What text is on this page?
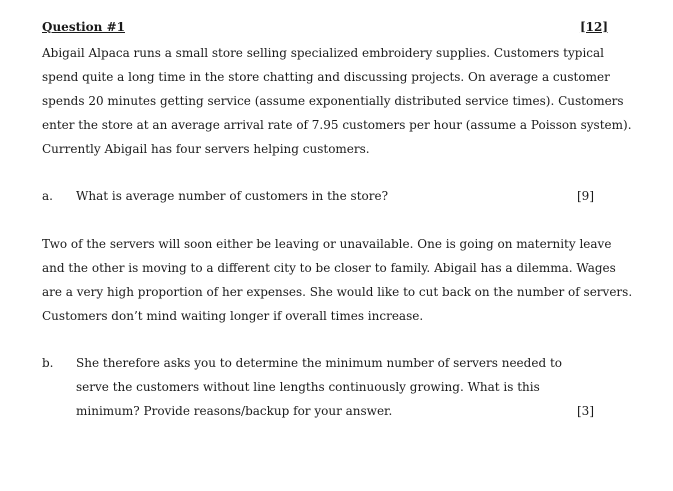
Question #1	[12]

Abigail Alpaca runs a small store selling specialized embroidery supplies. Customers typical spend quite a long time in the store chatting and discussing projects. On average a customer spends 20 minutes getting service (assume exponentially distributed service times). Customers enter the store at an average arrival rate of 7.95 customers per hour (assume a Poisson system). Currently Abigail has four servers helping customers.

a. What is average number of customers in the store?	[9]

Two of the servers will soon either be leaving or unavailable. One is going on maternity leave and the other is moving to a different city to be closer to family. Abigail has a dilemma. Wages are a very high proportion of her expenses. She would like to cut back on the number of servers. Customers don’t mind waiting longer if overall times increase.

b. She therefore asks you to determine the minimum number of servers needed to serve the customers without line lengths continuously growing. What is this minimum? Provide reasons/backup for your answer.	[3]
